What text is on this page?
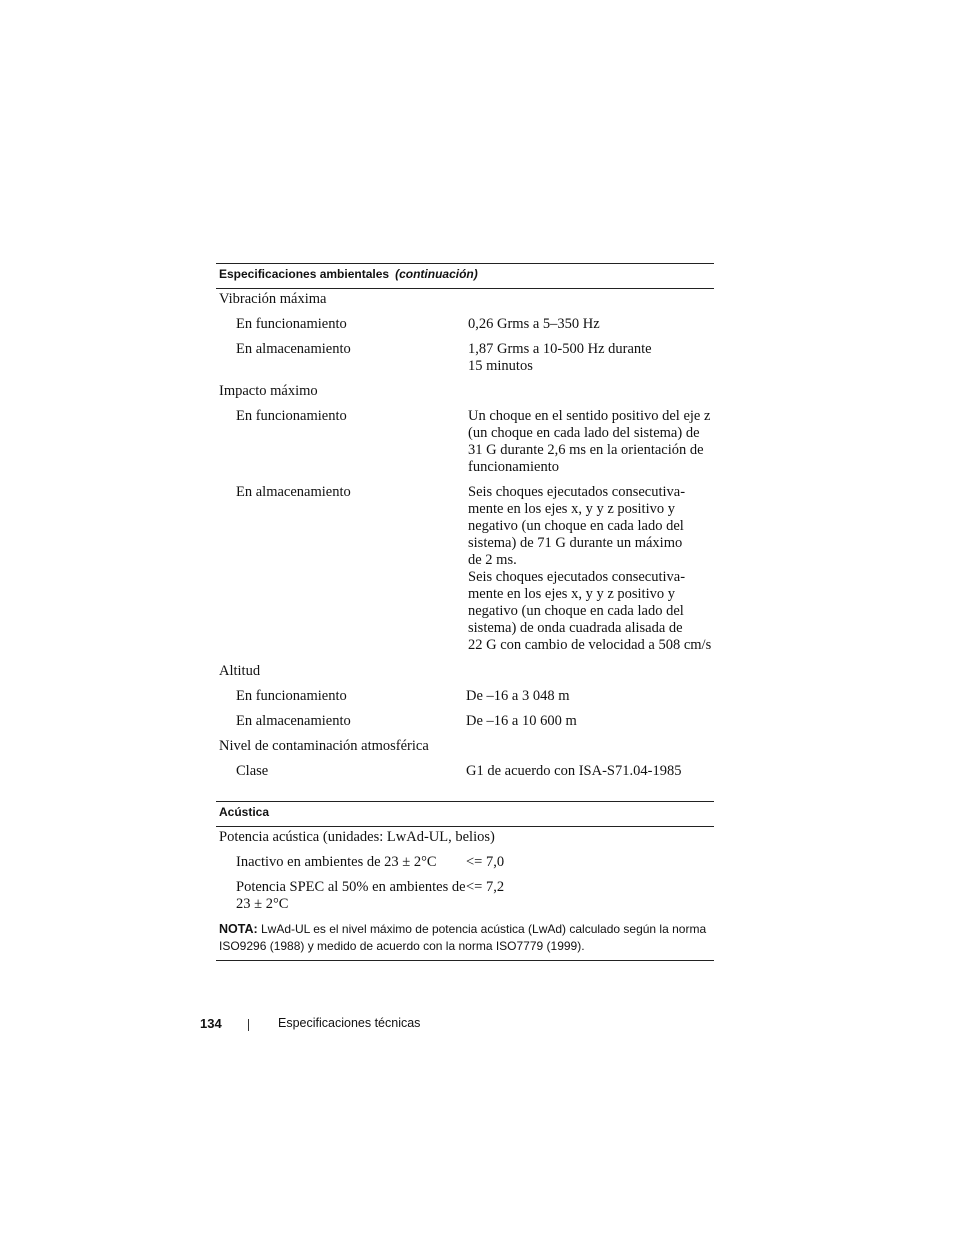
Especificaciones ambientales (continuación)
Vibración máxima
En funcionamiento	0,26 Grms a 5–350 Hz
En almacenamiento	1,87 Grms a 10-500 Hz durante
15 minutos
Impacto máximo
En funcionamiento	Un choque en el sentido positivo del eje z
(un choque en cada lado del sistema) de
31 G durante 2,6 ms en la orientación de
funcionamiento
En almacenamiento	Seis choques ejecutados consecutiva-
mente en los ejes x, y y z positivo y
negativo (un choque en cada lado del
sistema) de 71 G durante un máximo
de 2 ms.
Seis choques ejecutados consecutiva-
mente en los ejes x, y y z positivo y
negativo (un choque en cada lado del
sistema) de onda cuadrada alisada de
22 G con cambio de velocidad a 508 cm/s
Altitud
En funcionamiento	De –16 a 3 048 m
En almacenamiento	De –16 a 10 600 m
Nivel de contaminación atmosférica
Clase	G1 de acuerdo con ISA-S71.04-1985
Acústica
Potencia acústica (unidades: LwAd-UL, belios)
Inactivo en ambientes de 23 ± 2°C <= 7,0
Potencia SPEC al 50% en ambientes de
23 ± 2°C
<= 7,2
NOTA: LwAd-UL es el nivel máximo de potencia acústica (LwAd) calculado según la norma ISO9296 (1988) y medido de acuerdo con la norma ISO7779 (1999).
134	Especificaciones técnicas
